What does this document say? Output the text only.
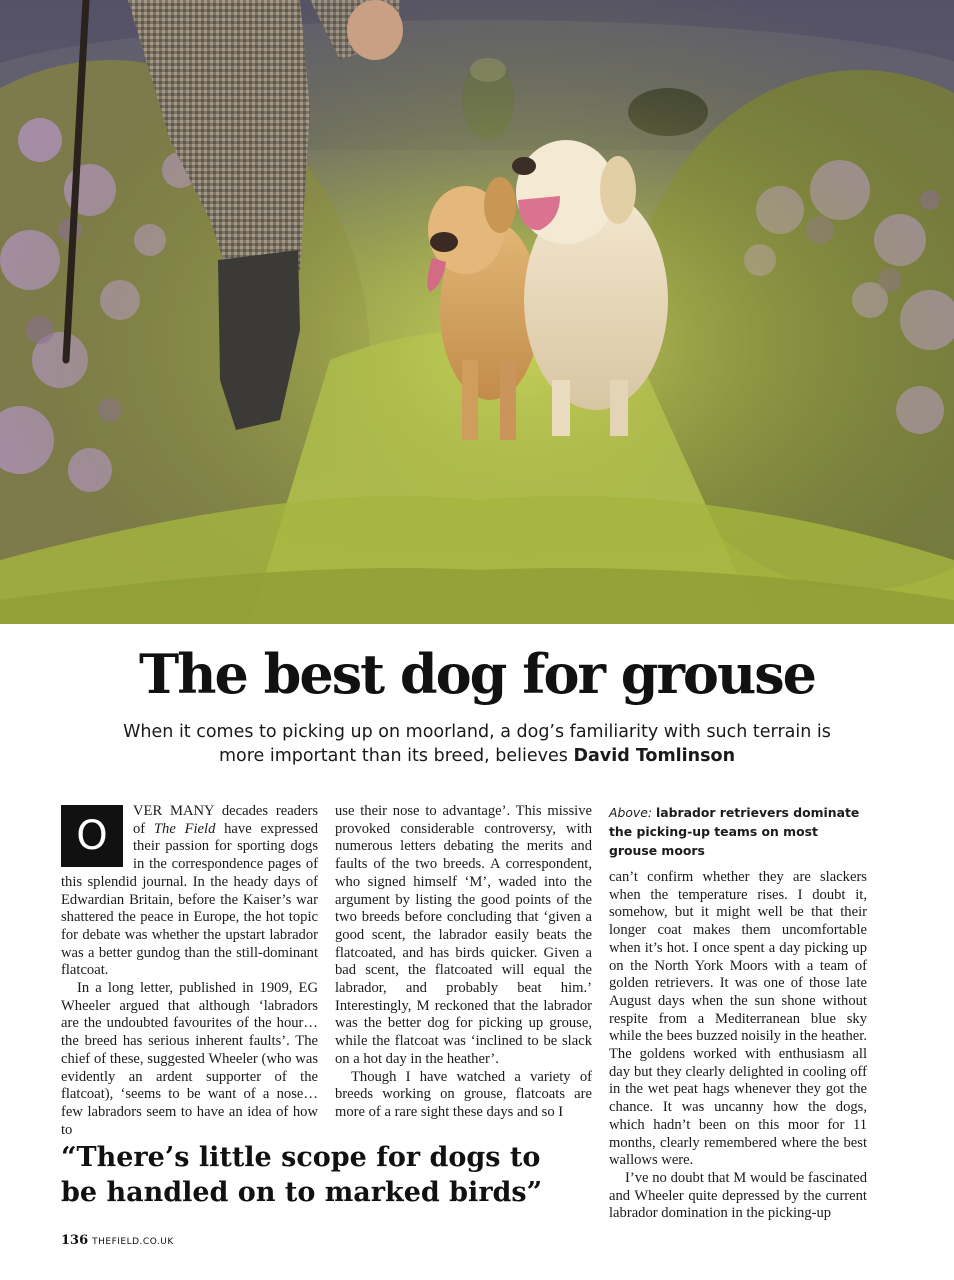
The best dog for grouse

When it comes to picking up on moorland, a dog’s familiarity with such terrain is more important than its breed, believes David Tomlinson

O
VER MANY decades readers of The Field have expressed their passion for sporting dogs in the correspondence pages of this splendid journal. In the heady days of Edwardian Britain, before the Kaiser’s war shattered the peace in Europe, the hot topic for debate was whether the upstart labrador was a better gundog than the still-dominant flatcoat.

In a long letter, published in 1909, EG Wheeler argued that although ‘labradors are the undoubted favourites of the hour… the breed has serious inherent faults’. The chief of these, suggested Wheeler (who was evidently an ardent supporter of the flatcoat), ‘seems to be want of a nose… few labradors seem to have an idea of how to

use their nose to advantage’. This missive provoked considerable controversy, with numerous letters debating the merits and faults of the two breeds. A correspondent, who signed himself ‘M’, waded into the argument by listing the good points of the two breeds before concluding that ‘given a good scent, the labrador easily beats the flatcoated, and has birds quicker. Given a bad scent, the flatcoated will equal the labrador, and probably beat him.’ Interestingly, M reckoned that the labrador was the better dog for picking up grouse, while the flatcoat was ‘inclined to be slack on a hot day in the heather’.

Though I have watched a variety of breeds working on grouse, flatcoats are more of a rare sight these days and so I

Above: labrador retrievers dominate the picking-up teams on most grouse moors

can’t confirm whether they are slackers when the temperature rises. I doubt it, somehow, but it might well be that their longer coat makes them uncomfortable when it’s hot. I once spent a day picking up on the North York Moors with a team of golden retrievers. It was one of those late August days when the sun shone without respite from a Mediterranean blue sky while the bees buzzed noisily in the heather. The goldens worked with enthusiasm all day but they clearly delighted in cooling off in the wet peat hags whenever they got the chance. It was uncanny how the dogs, which hadn’t been on this moor for 11 months, clearly remembered where the best wallows were.

I’ve no doubt that M would be fascinated and Wheeler quite depressed by the current labrador domination in the picking-up

“There’s little scope for dogs to be handled on to marked birds”

136 THEFIELD.CO.UK
